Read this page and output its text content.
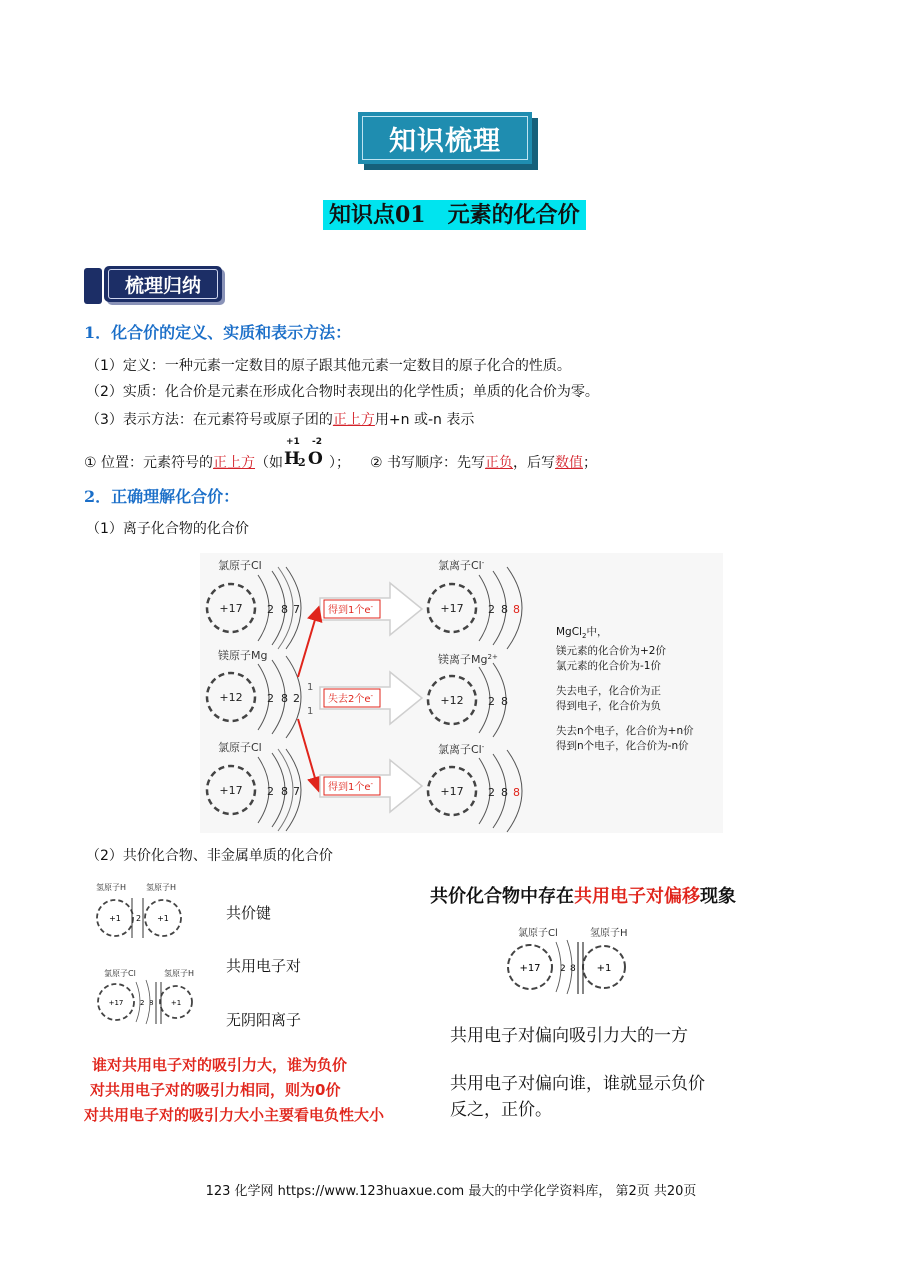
知识梳理
知识点01　元素的化合价
梳理归纳
1．化合价的定义、实质和表示方法：
（1）定义：一种元素一定数目的原子跟其他元素一定数目的原子化合的性质。
（2）实质：化合价是元素在形成化合物时表现出的化学性质；单质的化合价为零。
（3）表示方法：在元素符号或原子团的正上方用+n 或-n 表示
① 位置：元素符号的正上方（如
+1 -2
H
2 O ）； ② 书写顺序：先写正负，后写数值；
2．正确理解化合价：
（1）离子化合物的化合价
氯原子Cl
+17 2 8 7	得到1个e-
氯离子Cl-
+17 2 8 8
镁原子Mg
+12 2 8 2
1
1
失去2个e-
镁离子$Mg^{2+}$
+12 2 8
氯原子Cl
+17 2 8 7	得到1个e-
氯离子Cl-
+17 2 8 8
MgCl$_2$中，
镁元素的化合价为+2价
氯元素的化合价为-1价
失去电子，化合价为正
得到电子，化合价为负
失去n个电子，化合价为+n价
得到n个电子，化合价为-n价
（2）共价化合物、非金属单质的化合价
氢原子H 氢原子H
+1	+1
2
氯原子Cl	氢原子H
+17	+1
2 8
共价键
共用电子对
无阴阳离子
谁对共用电子对的吸引力大，谁为负价
对共用电子对的吸引力相同，则为0价
对共用电子对的吸引力大小主要看电负性大小
共价化合物中存在共用电子对偏移现象
氯原子Cl	氢原子H
+17	+1
2 8
共用电子对偏向吸引力大的一方
共用电子对偏向谁，谁就显示负价
反之，正价。
123 化学网 https://www.123huaxue.com 最大的中学化学资料库， 第2页 共20页
